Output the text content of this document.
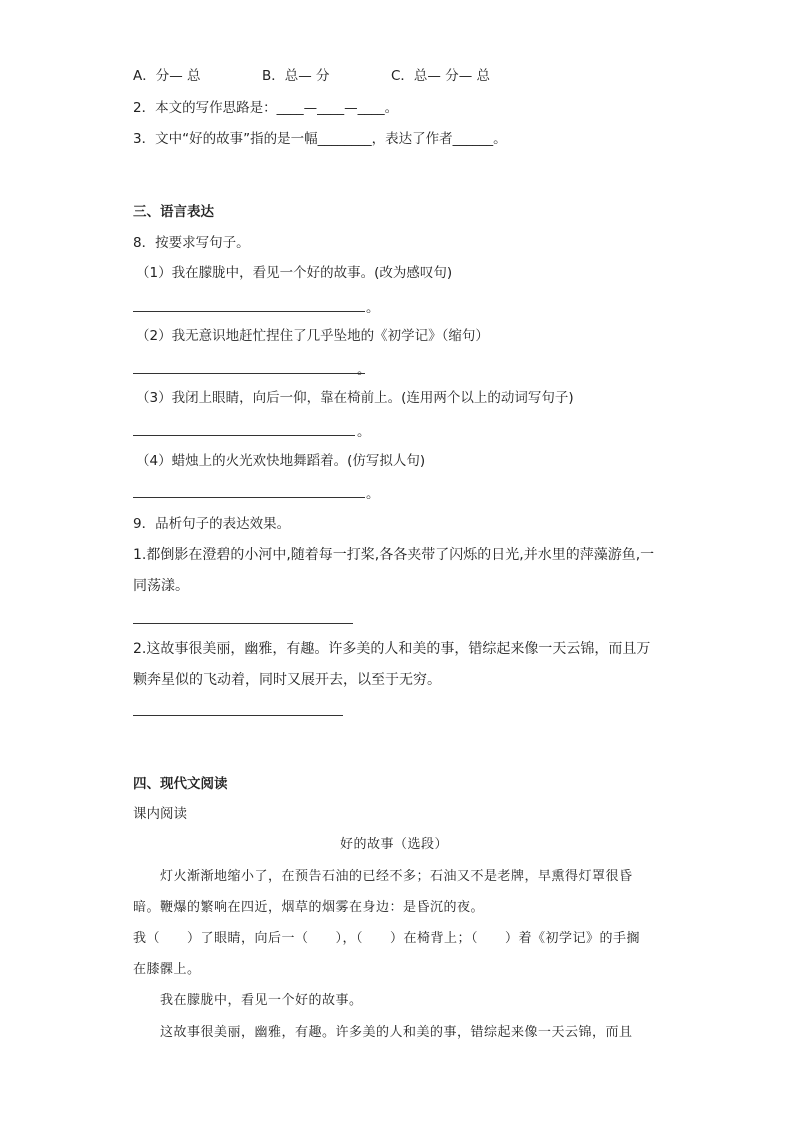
A．分— 总	B．总— 分	C．总— 分— 总
2．本文的写作思路是：____—____—____。
3．文中“好的故事”指的是一幅________，表达了作者______。
三、语言表达
8．按要求写句子。
（1）我在朦胧中，看见一个好的故事。(改为感叹句)
。
（2）我无意识地赶忙捏住了几乎坠地的《初学记》（缩句）
。
（3）我闭上眼睛，向后一仰，靠在椅前上。(连用两个以上的动词写句子)
。
（4）蜡烛上的火光欢快地舞蹈着。(仿写拟人句)
。
9．品析句子的表达效果。
1.都倒影在澄碧的小河中,随着每一打桨,各各夹带了闪烁的日光,并水里的萍藻游鱼,一
同荡漾。
2.这故事很美丽，幽雅，有趣。许多美的人和美的事，错综起来像一天云锦，而且万
颗奔星似的飞动着，同时又展开去，以至于无穷。
四、现代文阅读
课内阅读
好的故事（选段）
灯火渐渐地缩小了，在预告石油的已经不多；石油又不是老牌，早熏得灯罩很昏
暗。鞭爆的繁响在四近，烟草的烟雾在身边：是昏沉的夜。
我（　　）了眼睛，向后一（　　），（　　）在椅背上；（　　）着《初学记》的手搁
在膝髁上。
我在朦胧中，看见一个好的故事。
这故事很美丽，幽雅，有趣。许多美的人和美的事，错综起来像一天云锦，而且
